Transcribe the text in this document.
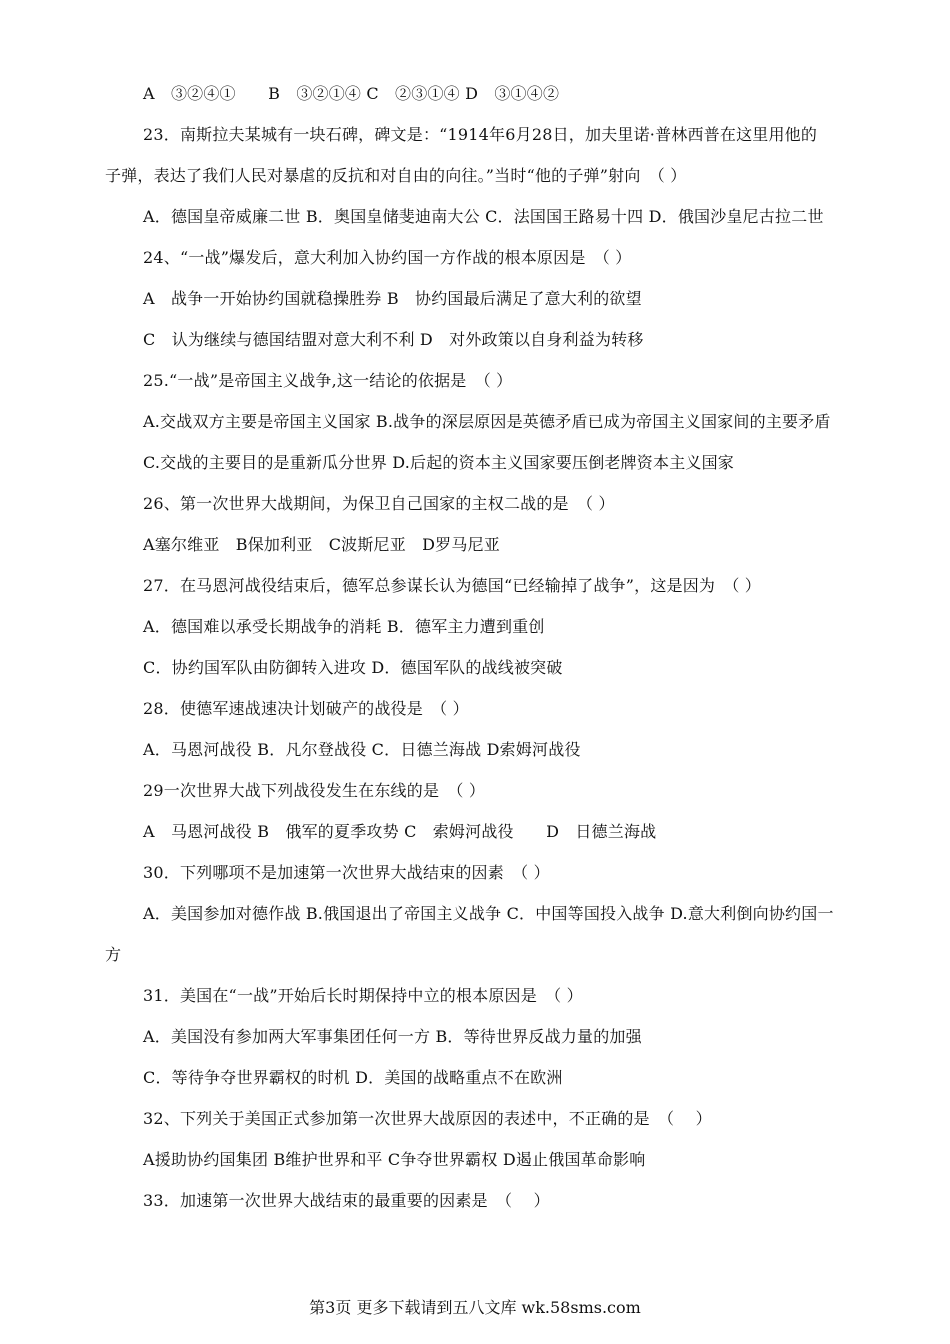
A　③②④①　　B　③②①④ C　②③①④ D　③①④②
23．南斯拉夫某城有一块石碑，碑文是：“1914年6月28日，加夫里诺·普林西普在这里用他的
子弹，表达了我们人民对暴虐的反抗和对自由的向往。”当时“他的子弹”射向　（ ）
A．德国皇帝威廉二世 B．奥国皇储斐迪南大公 C．法国国王路易十四 D．俄国沙皇尼古拉二世
24、“一战”爆发后，意大利加入协约国一方作战的根本原因是　（ ）
A　战争一开始协约国就稳操胜券 B　协约国最后满足了意大利的欲望
C　认为继续与德国结盟对意大利不利 D　对外政策以自身利益为转移
25.“一战”是帝国主义战争,这一结论的依据是　（ ）
A.交战双方主要是帝国主义国家 B.战争的深层原因是英德矛盾已成为帝国主义国家间的主要矛盾
C.交战的主要目的是重新瓜分世界 D.后起的资本主义国家要压倒老牌资本主义国家
26、第一次世界大战期间，为保卫自己国家的主权二战的是　（ ）
A塞尔维亚　B保加利亚　C波斯尼亚　D罗马尼亚
27．在马恩河战役结束后，德军总参谋长认为德国“已经输掉了战争”，这是因为　（ ）
A．德国难以承受长期战争的消耗 B．德军主力遭到重创
C．协约国军队由防御转入进攻 D．德国军队的战线被突破
28．使德军速战速决计划破产的战役是　（ ）
A．马恩河战役 B．凡尔登战役 C．日德兰海战 D索姆河战役
29一次世界大战下列战役发生在东线的是　（ ）
A　马恩河战役 B　俄军的夏季攻势 C　索姆河战役　　D　日德兰海战
30．下列哪项不是加速第一次世界大战结束的因素　（ ）
A．美国参加对德作战 B.俄国退出了帝国主义战争 C．中国等国投入战争 D.意大利倒向协约国一
方
31．美国在“一战”开始后长时期保持中立的根本原因是　（ ）
A．美国没有参加两大军事集团任何一方 B．等待世界反战力量的加强
C．等待争夺世界霸权的时机 D．美国的战略重点不在欧洲
32、下列关于美国正式参加第一次世界大战原因的表述中，不正确的是　（　 ）
A援助协约国集团 B维护世界和平 C争夺世界霸权 D遏止俄国革命影响
33．加速第一次世界大战结束的最重要的因素是　（　 ）
第3页 更多下载请到五八文库 wk.58sms.com
